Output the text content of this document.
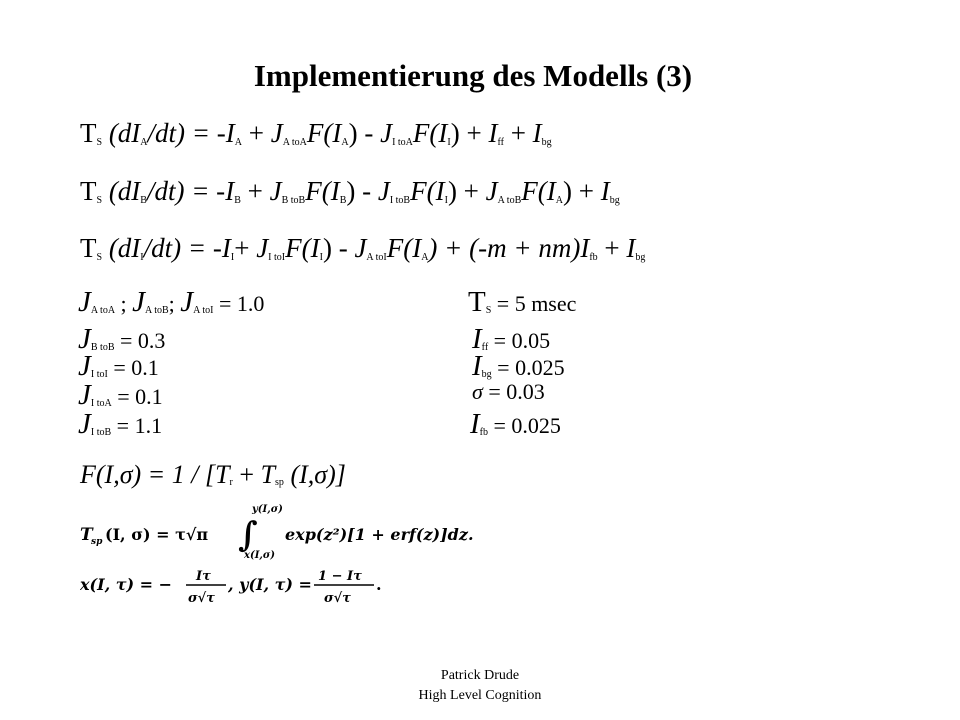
Implementierung des Modells (3)
$T_S$ $(dI_A/dt) = -I_A + J_{A toA}F(I_A) - J_{I toA}F(I_I) + I_{ff} + I_{bg}$
$T_S$ $(dI_B/dt) = -I_B + J_{B toB}F(I_B) - J_{I toB}F(I_I) + J_{A toB}F(I_A) + I_{bg}$
$T_S$ $(dI_I/dt) = -I_I+ J_{I toI}F(I_I) - J_{A toI}F(I_A) + (-m + nm)I_{fb} + I_{bg}$
$J_{A toA}$ ; $J_{A toB}$; $J_{A toI} = 1.0$
$J_{B toB} = 0.3$
$J_{I toI} = 0.1$
$J_{I toA} = 0.1$
$J_{I toB} = 1.1$
$T_S = 5$ msec
$I_{ff} = 0.05$
$I_{bg} = 0.025$
σ = 0.03
$I_{fb} = 0.025$
$F(I,\sigma) = 1 / [T_r + T_{sp}$ (I,σ)]
T
sp (I, σ) = τ√π ∫
y(I,σ)
x(I,σ)
exp(z²)[1 + erf(z)]dz.
x(I, τ) = − Iτ
σ√τ
, y(I, τ) = 1 − Iτ
σ√τ
.
Patrick Drude
High Level Cognition
